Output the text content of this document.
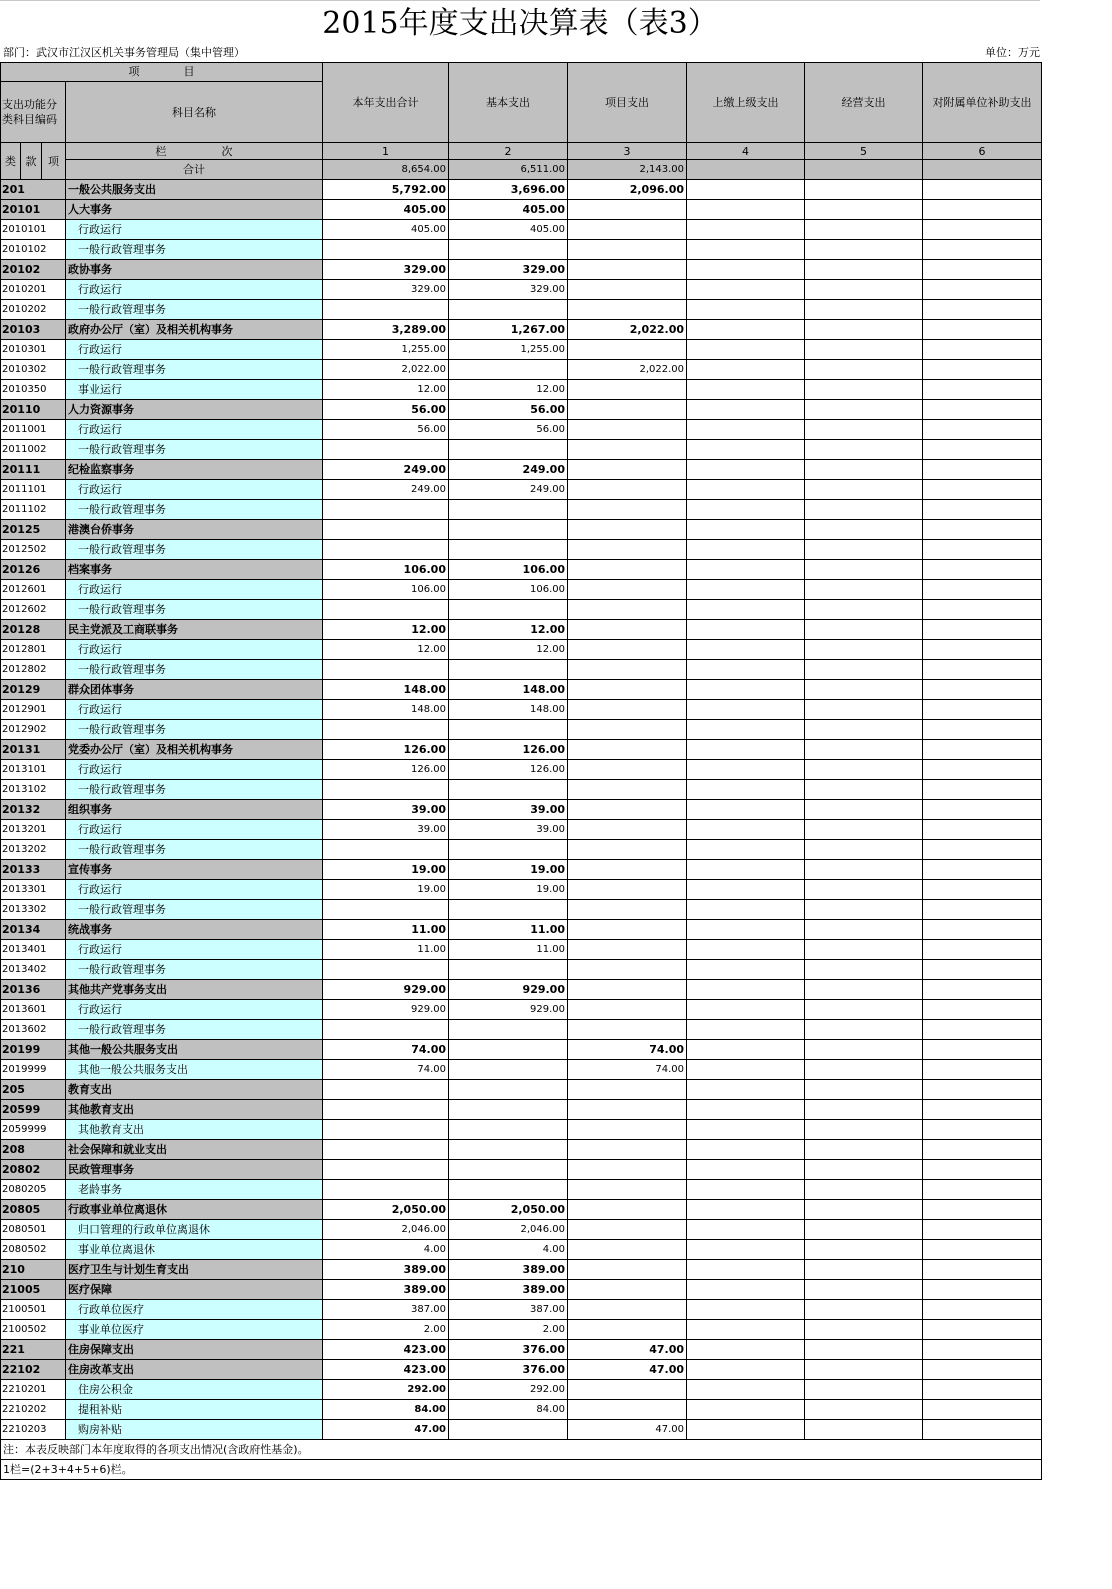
2015年度支出决算表（表3）
部门：武汉市江汉区机关事务管理局（集中管理）	单位：万元
项　　　　目				本年支出合计	基本支出	项目支出	上缴上级支出	经营支出	对附属单位补助支出
支出功能分类科目编码			科目名称						
类	款	项	栏　　　　　次	1	2	3	4	5	6
			合计	8,654.00	6,511.00	2,143.00			
201			一般公共服务支出	5,792.00	3,696.00	2,096.00			
20101			人大事务	405.00	405.00				
2010101			行政运行	405.00	405.00				
2010102			一般行政管理事务						
20102			政协事务	329.00	329.00				
2010201			行政运行	329.00	329.00				
2010202			一般行政管理事务						
20103			政府办公厅（室）及相关机构事务	3,289.00	1,267.00	2,022.00			
2010301			行政运行	1,255.00	1,255.00				
2010302			一般行政管理事务	2,022.00		2,022.00			
2010350			事业运行	12.00	12.00				
20110			人力资源事务	56.00	56.00				
2011001			行政运行	56.00	56.00				
2011002			一般行政管理事务						
20111			纪检监察事务	249.00	249.00				
2011101			行政运行	249.00	249.00				
2011102			一般行政管理事务						
20125			港澳台侨事务						
2012502			一般行政管理事务						
20126			档案事务	106.00	106.00				
2012601			行政运行	106.00	106.00				
2012602			一般行政管理事务						
20128			民主党派及工商联事务	12.00	12.00				
2012801			行政运行	12.00	12.00				
2012802			一般行政管理事务						
20129			群众团体事务	148.00	148.00				
2012901			行政运行	148.00	148.00				
2012902			一般行政管理事务						
20131			党委办公厅（室）及相关机构事务	126.00	126.00				
2013101			行政运行	126.00	126.00				
2013102			一般行政管理事务						
20132			组织事务	39.00	39.00				
2013201			行政运行	39.00	39.00				
2013202			一般行政管理事务						
20133			宣传事务	19.00	19.00				
2013301			行政运行	19.00	19.00				
2013302			一般行政管理事务						
20134			统战事务	11.00	11.00				
2013401			行政运行	11.00	11.00				
2013402			一般行政管理事务						
20136			其他共产党事务支出	929.00	929.00				
2013601			行政运行	929.00	929.00				
2013602			一般行政管理事务						
20199			其他一般公共服务支出	74.00		74.00			
2019999			其他一般公共服务支出	74.00		74.00			
205			教育支出						
20599			其他教育支出						
2059999			其他教育支出						
208			社会保障和就业支出						
20802			民政管理事务						
2080205			老龄事务						
20805			行政事业单位离退休	2,050.00	2,050.00				
2080501			归口管理的行政单位离退休	2,046.00	2,046.00				
2080502			事业单位离退休	4.00	4.00				
210			医疗卫生与计划生育支出	389.00	389.00				
21005			医疗保障	389.00	389.00				
2100501			行政单位医疗	387.00	387.00				
2100502			事业单位医疗	2.00	2.00				
221			住房保障支出	423.00	376.00	47.00			
22102			住房改革支出	423.00	376.00	47.00			
2210201			住房公积金	292.00	292.00				
2210202			提租补贴	84.00	84.00				
2210203			购房补贴	47.00		47.00			
注：本表反映部门本年度取得的各项支出情况(含政府性基金)。									
1栏=(2+3+4+5+6)栏。									
